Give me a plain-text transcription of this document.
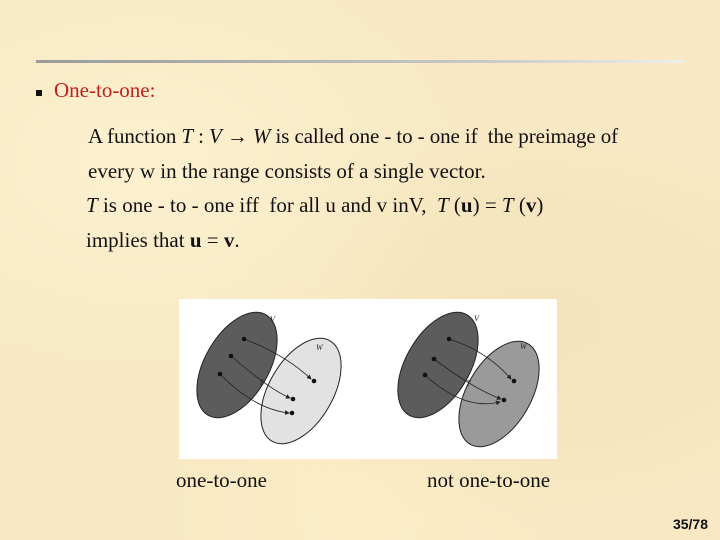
One-to-one:
A function T : V → W is called one - to - one if  the preimage of
every w in the range consists of a single vector.
T is one - to - one iff  for all u and v inV,  T (u) = T (v)
implies that u = v.
V
W
T
V
W
T
one-to-one	not one-to-one
35/78
